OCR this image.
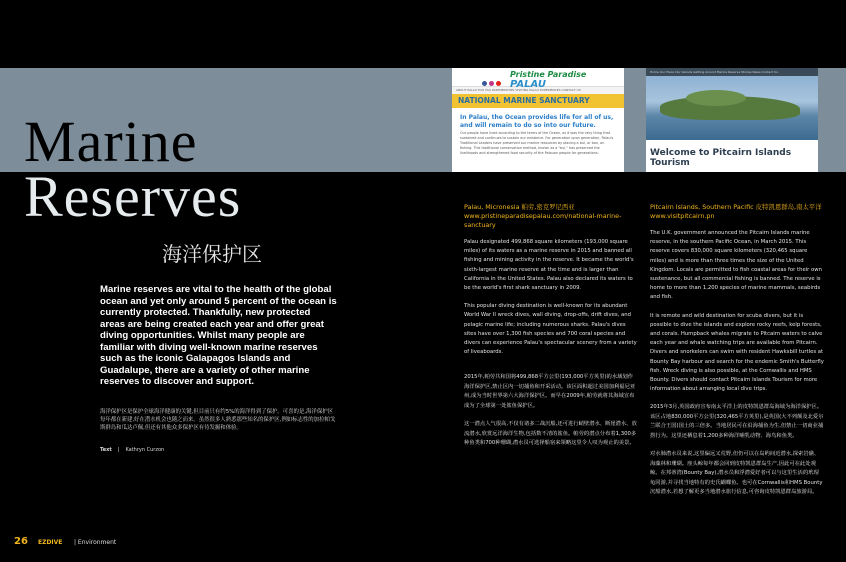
Marine
Reserves
海洋保护区

Marine reserves are vital to the health of the global ocean and yet only around 5 percent of the ocean is currently protected. Thankfully, new protected areas are being created each year and offer great diving opportunities. Whilst many people are familiar with diving well-known marine reserves such as the iconic Galapagos Islands and Guadalupe, there are a variety of other marine reserves to discover and support.

海洋保护区是保护全球海洋健康的关键,但目前只有约5%的海洋得到了保护。可喜的是,海洋保护区每年都在新建,好在潜水机会也随之而来。虽然很多人熟悉那些知名的保护区,例如标志性的加拉帕戈斯群岛和瓜达卢佩,但还有其他众多保护区有待发掘和体验。

Text | Kathryn Curzon
Pristine Paradise
PALAU
ABOUT PALAU EVO FAQ PARTNERSHIPS VISITING PALAU EXPERIENCES CONTACT US
NATIONAL MARINE SANCTUARY
In Palau, the Ocean provides life for all of us, and will remain to do so into our future.
Our people have lived according to the terms of the Ocean, as it was the very thing that sustained and continues to sustain our existence. For generation upon generation, Palau's Traditional Leaders have preserved our marine resources by placing a bul, or ban, on fishing. This traditional conservation method, known as a "bul," has preserved the livelihoods and strengthened food security of the Palauan people for generations.
Home Our Place Our Islands Getting Around Marine Reserve Stories News Contact Us
Welcome to Pitcairn Islands Tourism
Palau, Micronesia 帕劳,密克罗尼西亚
www.pristineparadisepalau.com/national-marine-sanctuary

Palau designated 499,868 square kilometers (193,000 square miles) of its waters as a marine reserve in 2015 and banned all fishing and mining activity in the reserve. It became the world's sixth-largest marine reserve at the time and is larger than California in the United States. Palau also declared its waters to be the world's first shark sanctuary in 2009.

This popular diving destination is well-known for its abundant World War II wreck dives, wall diving, drop-offs, drift dives, and pelagic marine life; including numerous sharks. Palau's dives sites have over 1,300 fish species and 700 coral species and divers can experience Palau's spectacular scenery from a variety of liveaboards.

2015年,帕劳共和国将499,868平方公里(193,000平方英里)的水域划作海洋保护区,禁止区内一切捕鱼和开采活动。该区面积超过美国加利福尼亚州,成为当时世界第六大海洋保护区。而早在2009年,帕劳就将其海域宣布成为了全球第一处鲨鱼保护区。

这一潜点人气很高,不仅有诸多二战沉船,还可进行峭壁潜水、断崖潜水、放流潜水,欣赏远洋海洋生物,包括数不清的鲨鱼。帕劳的潜点分布着1,300多种鱼类和700种珊瑚,潜水员可选择船宿来领略这里令人叹为观止的美景。

Pitcairn Islands, Southern Pacific 皮特凯恩群岛,南太平洋
www.visitpitcairn.pn

The U.K. government announced the Pitcairn Islands marine reserve, in the southern Pacific Ocean, in March 2015. This reserve covers 830,000 square kilometers (320,465 square miles) and is more than three times the size of the United Kingdom. Locals are permitted to fish coastal areas for their own sustenance, but all commercial fishing is banned. The reserve is home to more than 1,200 species of marine mammals, seabirds and fish.

It is remote and wild destination for scuba divers, but it is possible to dive the islands and explore rocky reefs, kelp forests, and corals. Humpback whales migrate to Pitcairn waters to calve each year and whale watching trips are available from Pitcairn. Divers and snorkelers can swim with resident Hawksbill turtles at Bounty Bay harbour and search for the endemic Smith's Butterfly fish. Wreck diving is also possible, at the Cornwallis and HMS Bounty. Divers should contact Pitcairn Islands Tourism for more information about arranging local dive trips.

2015年3月,英国政府宣布南太平洋上的皮特凯恩群岛海域为海洋保护区。该区占地830,000平方公里(320,465平方英里),是英国(大不列颠及北爱尔兰联合王国)国土的三倍多。当地居民可在沿海捕鱼为生,但禁止一切商业捕捞行为。这里还栖息着1,200多种海洋哺乳动物、海鸟和鱼类。

对水肺潜水员来说,这里偏远又荒野,但仍可以在岛屿间近潜水,探索岩礁、海藻林和珊瑚。座头鲸每年都会回到皮特凯恩群岛生产,因此可在此处观鲸。在邦蒂湾(Bounty Bay),潜水员和浮潜爱好者可以与这里生活的玳瑁龟同游,并寻找当地特有的史氏蝴蝶鱼。也可在Cornwallis和HMS Bounty沉船潜水,若想了解更多当地潜水旅行信息,可咨询皮特凯恩群岛旅游局。

26 EZDIVE | Environment
